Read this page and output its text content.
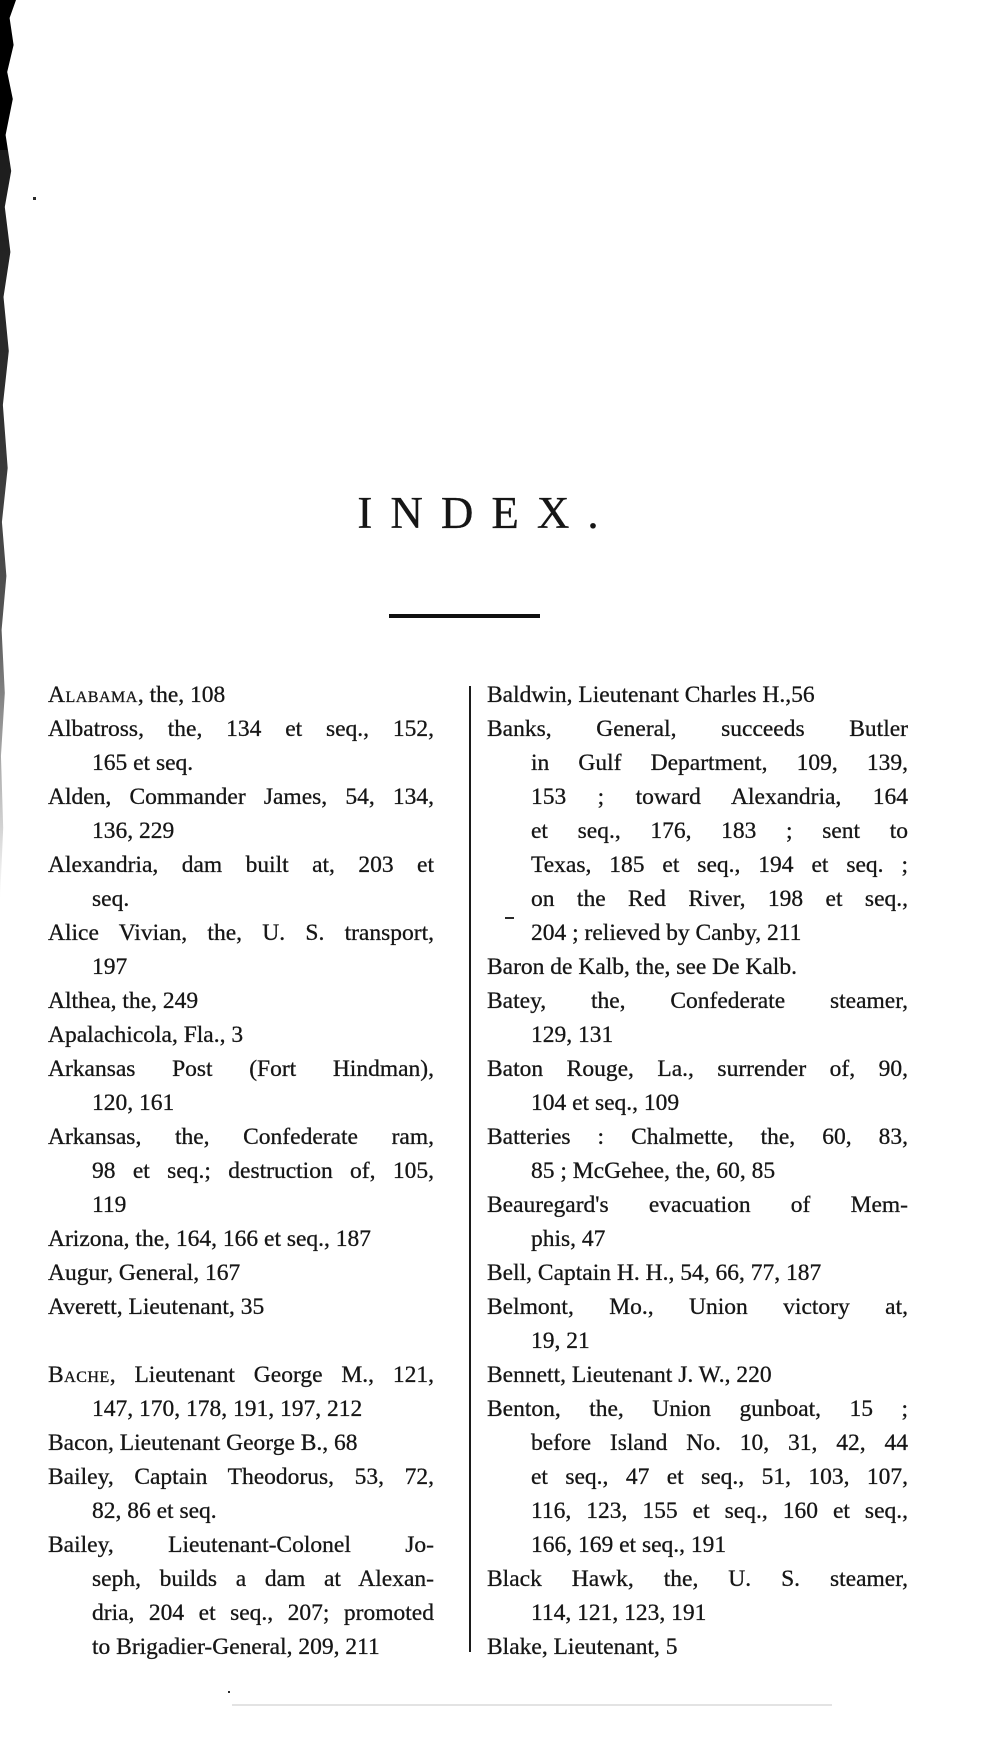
INDEX.
Alabama, the, 108
Albatross, the, 134 et seq., 152,
165 et seq.
Alden, Commander James, 54, 134,
136, 229
Alexandria, dam built at, 203 et
seq.
Alice Vivian, the, U. S. transport,
197
Althea, the, 249
Apalachicola, Fla., 3
Arkansas Post (Fort Hindman),
120, 161
Arkansas, the, Confederate ram,
98 et seq.; destruction of, 105,
119
Arizona, the, 164, 166 et seq., 187
Augur, General, 167
Averett, Lieutenant, 35
Bache, Lieutenant George M., 121,
147, 170, 178, 191, 197, 212
Bacon, Lieutenant George B., 68
Bailey, Captain Theodorus, 53, 72,
82, 86 et seq.
Bailey, Lieutenant-Colonel Jo-
seph, builds a dam at Alexan-
dria, 204 et seq., 207; promoted
to Brigadier-General, 209, 211
Baldwin, Lieutenant Charles H.,56
Banks, General, succeeds Butler
in Gulf Department, 109, 139,
153 ; toward Alexandria, 164
et seq., 176, 183 ; sent to
Texas, 185 et seq., 194 et seq. ;
on the Red River, 198 et seq.,
204 ; relieved by Canby, 211
Baron de Kalb, the, see De Kalb.
Batey, the, Confederate steamer,
129, 131
Baton Rouge, La., surrender of, 90,
104 et seq., 109
Batteries : Chalmette, the, 60, 83,
85 ; McGehee, the, 60, 85
Beauregard's evacuation of Mem-
phis, 47
Bell, Captain H. H., 54, 66, 77, 187
Belmont, Mo., Union victory at,
19, 21
Bennett, Lieutenant J. W., 220
Benton, the, Union gunboat, 15 ;
before Island No. 10, 31, 42, 44
et seq., 47 et seq., 51, 103, 107,
116, 123, 155 et seq., 160 et seq.,
166, 169 et seq., 191
Black Hawk, the, U. S. steamer,
114, 121, 123, 191
Blake, Lieutenant, 5
